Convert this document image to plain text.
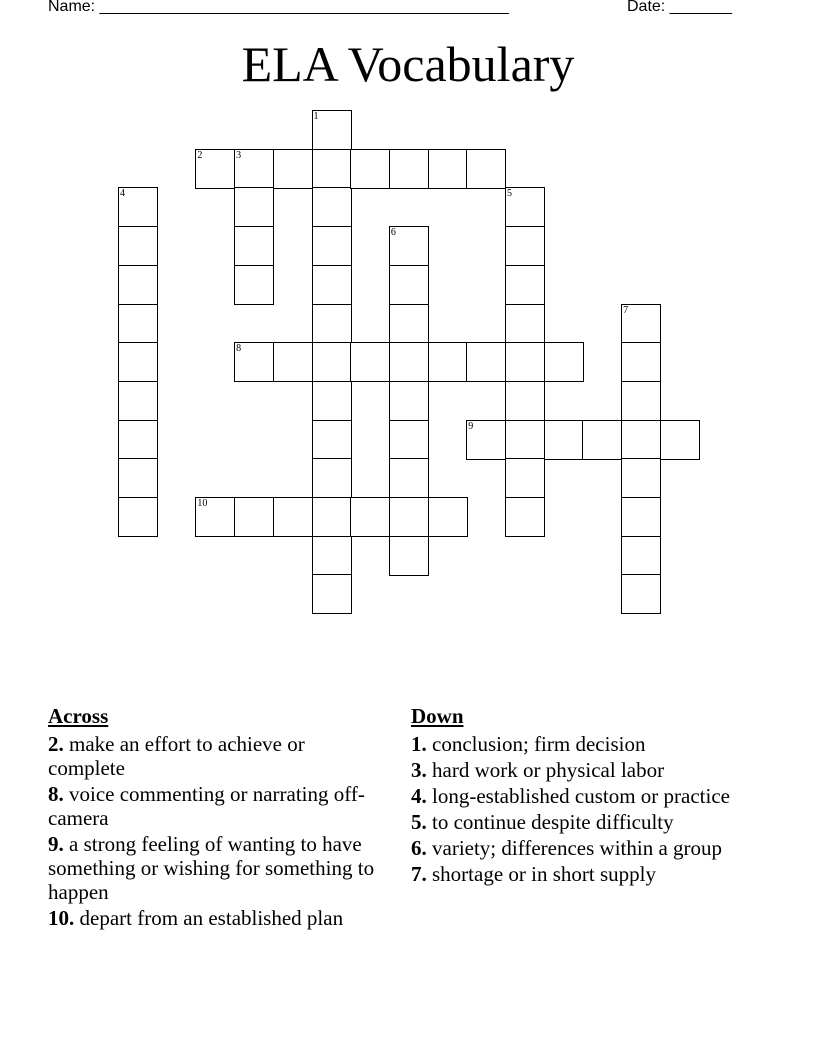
Name: ______________________________________________	Date: _______
ELA Vocabulary
1
2	3
4	5
6
7
8
9
10
Across
2. make an effort to achieve or complete
8. voice commenting or narrating off-camera
9. a strong feeling of wanting to have something or wishing for something to happen
10. depart from an established plan
Down
1. conclusion; firm decision
3. hard work or physical labor
4. long-established custom or practice
5. to continue despite difficulty
6. variety; differences within a group
7. shortage or in short supply
